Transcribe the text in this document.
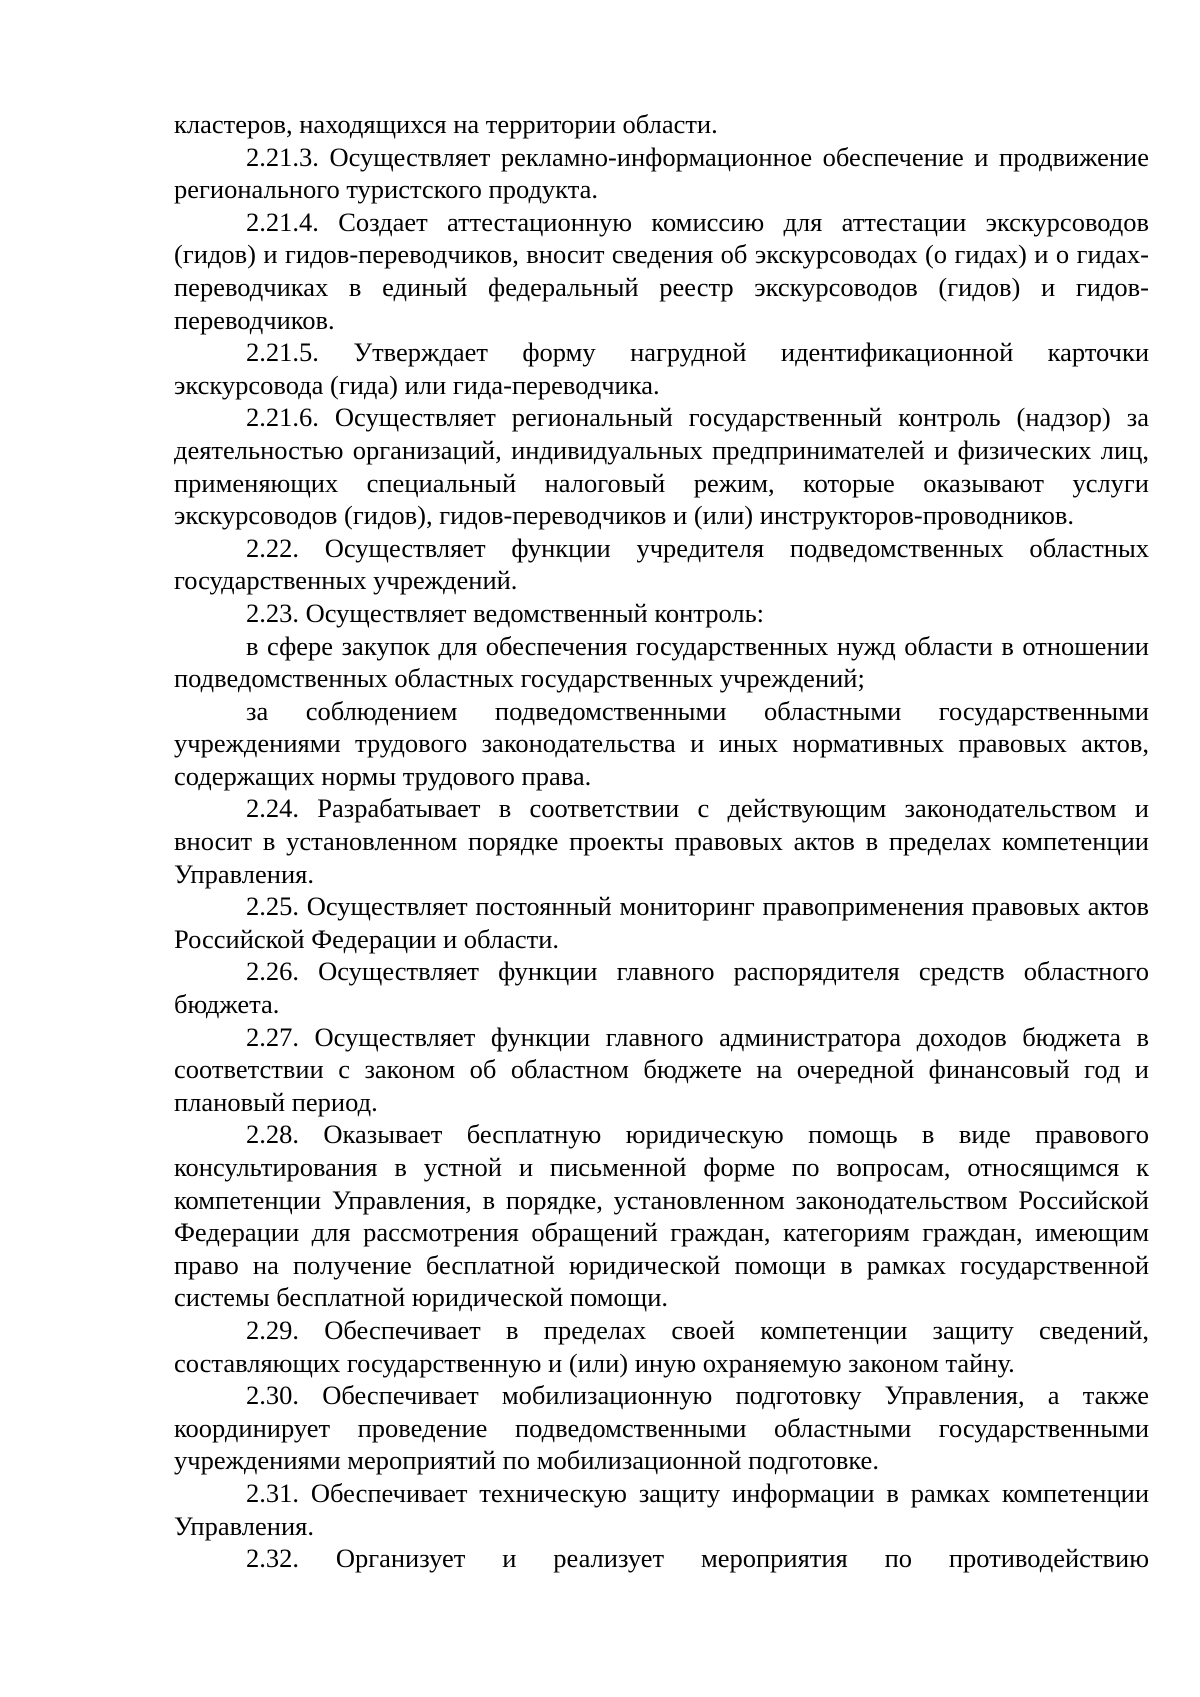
кластеров, находящихся на территории области.

2.21.3. Осуществляет рекламно-информационное обеспечение и продвижение регионального туристского продукта.

2.21.4. Создает аттестационную комиссию для аттестации экскурсоводов (гидов) и гидов-переводчиков, вносит сведения об экскурсоводах (о гидах) и о гидах-переводчиках в единый федеральный реестр экскурсоводов (гидов) и гидов-переводчиков.

2.21.5. Утверждает форму нагрудной идентификационной карточки экскурсовода (гида) или гида-переводчика.

2.21.6. Осуществляет региональный государственный контроль (надзор) за деятельностью организаций, индивидуальных предпринимателей и физических лиц, применяющих специальный налоговый режим, которые оказывают услуги экскурсоводов (гидов), гидов-переводчиков и (или) инструкторов-проводников.

2.22. Осуществляет функции учредителя подведомственных областных государственных учреждений.

2.23. Осуществляет ведомственный контроль:

в сфере закупок для обеспечения государственных нужд области в отношении подведомственных областных государственных учреждений;

за соблюдением подведомственными областными государственными учреждениями трудового законодательства и иных нормативных правовых актов, содержащих нормы трудового права.

2.24. Разрабатывает в соответствии с действующим законодательством и вносит в установленном порядке проекты правовых актов в пределах компетенции Управления.

2.25. Осуществляет постоянный мониторинг правоприменения правовых актов Российской Федерации и области.

2.26. Осуществляет функции главного распорядителя средств областного бюджета.

2.27. Осуществляет функции главного администратора доходов бюджета в соответствии с законом об областном бюджете на очередной финансовый год и плановый период.

2.28. Оказывает бесплатную юридическую помощь в виде правового консультирования в устной и письменной форме по вопросам, относящимся к компетенции Управления, в порядке, установленном законодательством Российской Федерации для рассмотрения обращений граждан, категориям граждан, имеющим право на получение бесплатной юридической помощи в рамках государственной системы бесплатной юридической помощи.

2.29. Обеспечивает в пределах своей компетенции защиту сведений, составляющих государственную и (или) иную охраняемую законом тайну.

2.30. Обеспечивает мобилизационную подготовку Управления, а также координирует проведение подведомственными областными государственными учреждениями мероприятий по мобилизационной подготовке.

2.31. Обеспечивает техническую защиту информации в рамках компетенции Управления.

2.32. Организует и реализует мероприятия по противодействию
